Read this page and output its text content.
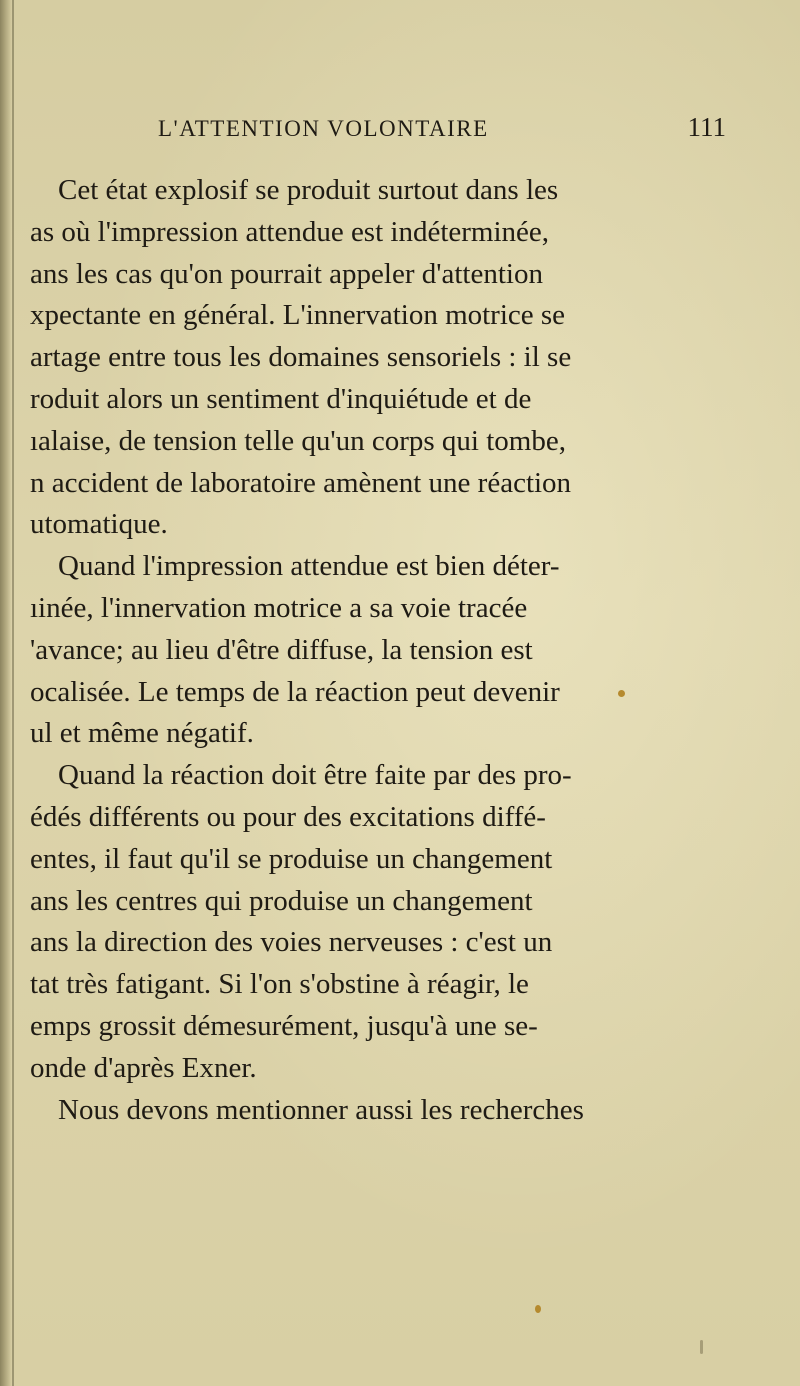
L'ATTENTION VOLONTAIRE	111
Cet état explosif se produit surtout dans les
as où l'impression attendue est indéterminée,
ans les cas qu'on pourrait appeler d'attention
xpectante en général. L'innervation motrice se
artage entre tous les domaines sensoriels : il se
roduit alors un sentiment d'inquiétude et de
ıalaise, de tension telle qu'un corps qui tombe,
n accident de laboratoire amènent une réaction
utomatique.
Quand l'impression attendue est bien déter-
ıinée, l'innervation motrice a sa voie tracée
'avance; au lieu d'être diffuse, la tension est
ocalisée. Le temps de la réaction peut devenir
ul et même négatif.
Quand la réaction doit être faite par des pro-
édés différents ou pour des excitations diffé-
entes, il faut qu'il se produise un changement
ans les centres qui produise un changement
ans la direction des voies nerveuses : c'est un
tat très fatigant. Si l'on s'obstine à réagir, le
emps grossit démesurément, jusqu'à une se-
onde d'après Exner.
Nous devons mentionner aussi les recherches
